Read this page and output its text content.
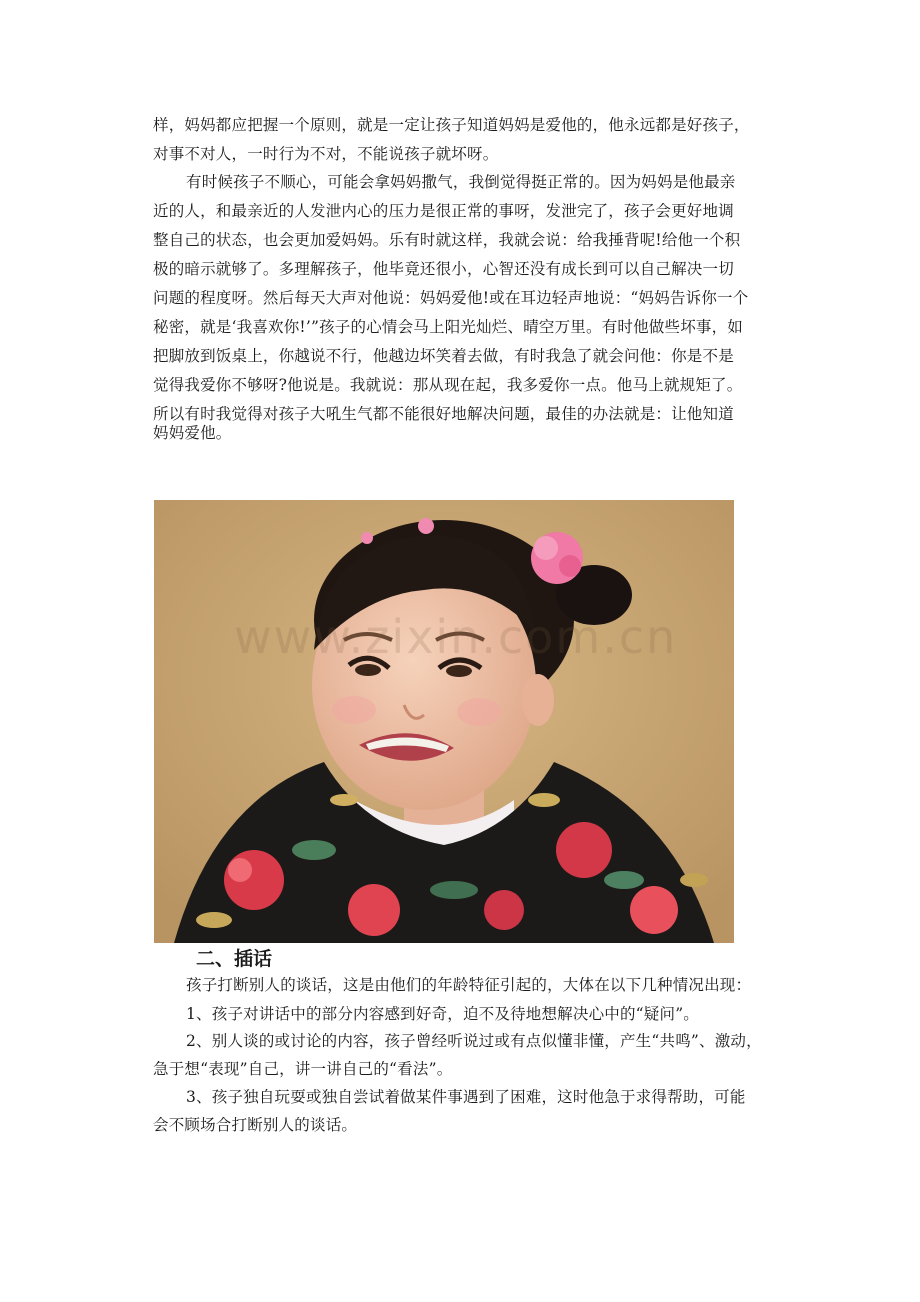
样，妈妈都应把握一个原则，就是一定让孩子知道妈妈是爱他的，他永远都是好孩子，
对事不对人，一时行为不对，不能说孩子就坏呀。
有时候孩子不顺心，可能会拿妈妈撒气，我倒觉得挺正常的。因为妈妈是他最亲
近的人，和最亲近的人发泄内心的压力是很正常的事呀，发泄完了，孩子会更好地调
整自己的状态，也会更加爱妈妈。乐有时就这样，我就会说：给我捶背呢!给他一个积
极的暗示就够了。多理解孩子，他毕竟还很小，心智还没有成长到可以自己解决一切
问题的程度呀。然后每天大声对他说：妈妈爱他!或在耳边轻声地说：“妈妈告诉你一个
秘密，就是‘我喜欢你!’”孩子的心情会马上阳光灿烂、晴空万里。有时他做些坏事，如
把脚放到饭桌上，你越说不行，他越边坏笑着去做，有时我急了就会问他：你是不是
觉得我爱你不够呀?他说是。我就说：那从现在起，我多爱你一点。他马上就规矩了。
所以有时我觉得对孩子大吼生气都不能很好地解决问题，最佳的办法就是：让他知道
妈妈爱他。
www.zixin.com.cn
二、插话
孩子打断别人的谈话，这是由他们的年龄特征引起的，大体在以下几种情况出现：
1、孩子对讲话中的部分内容感到好奇，迫不及待地想解决心中的“疑问”。
2、别人谈的或讨论的内容，孩子曾经听说过或有点似懂非懂，产生“共鸣”、激动，
急于想“表现”自己，讲一讲自己的“看法”。
3、孩子独自玩耍或独自尝试着做某件事遇到了困难，这时他急于求得帮助，可能
会不顾场合打断别人的谈话。
